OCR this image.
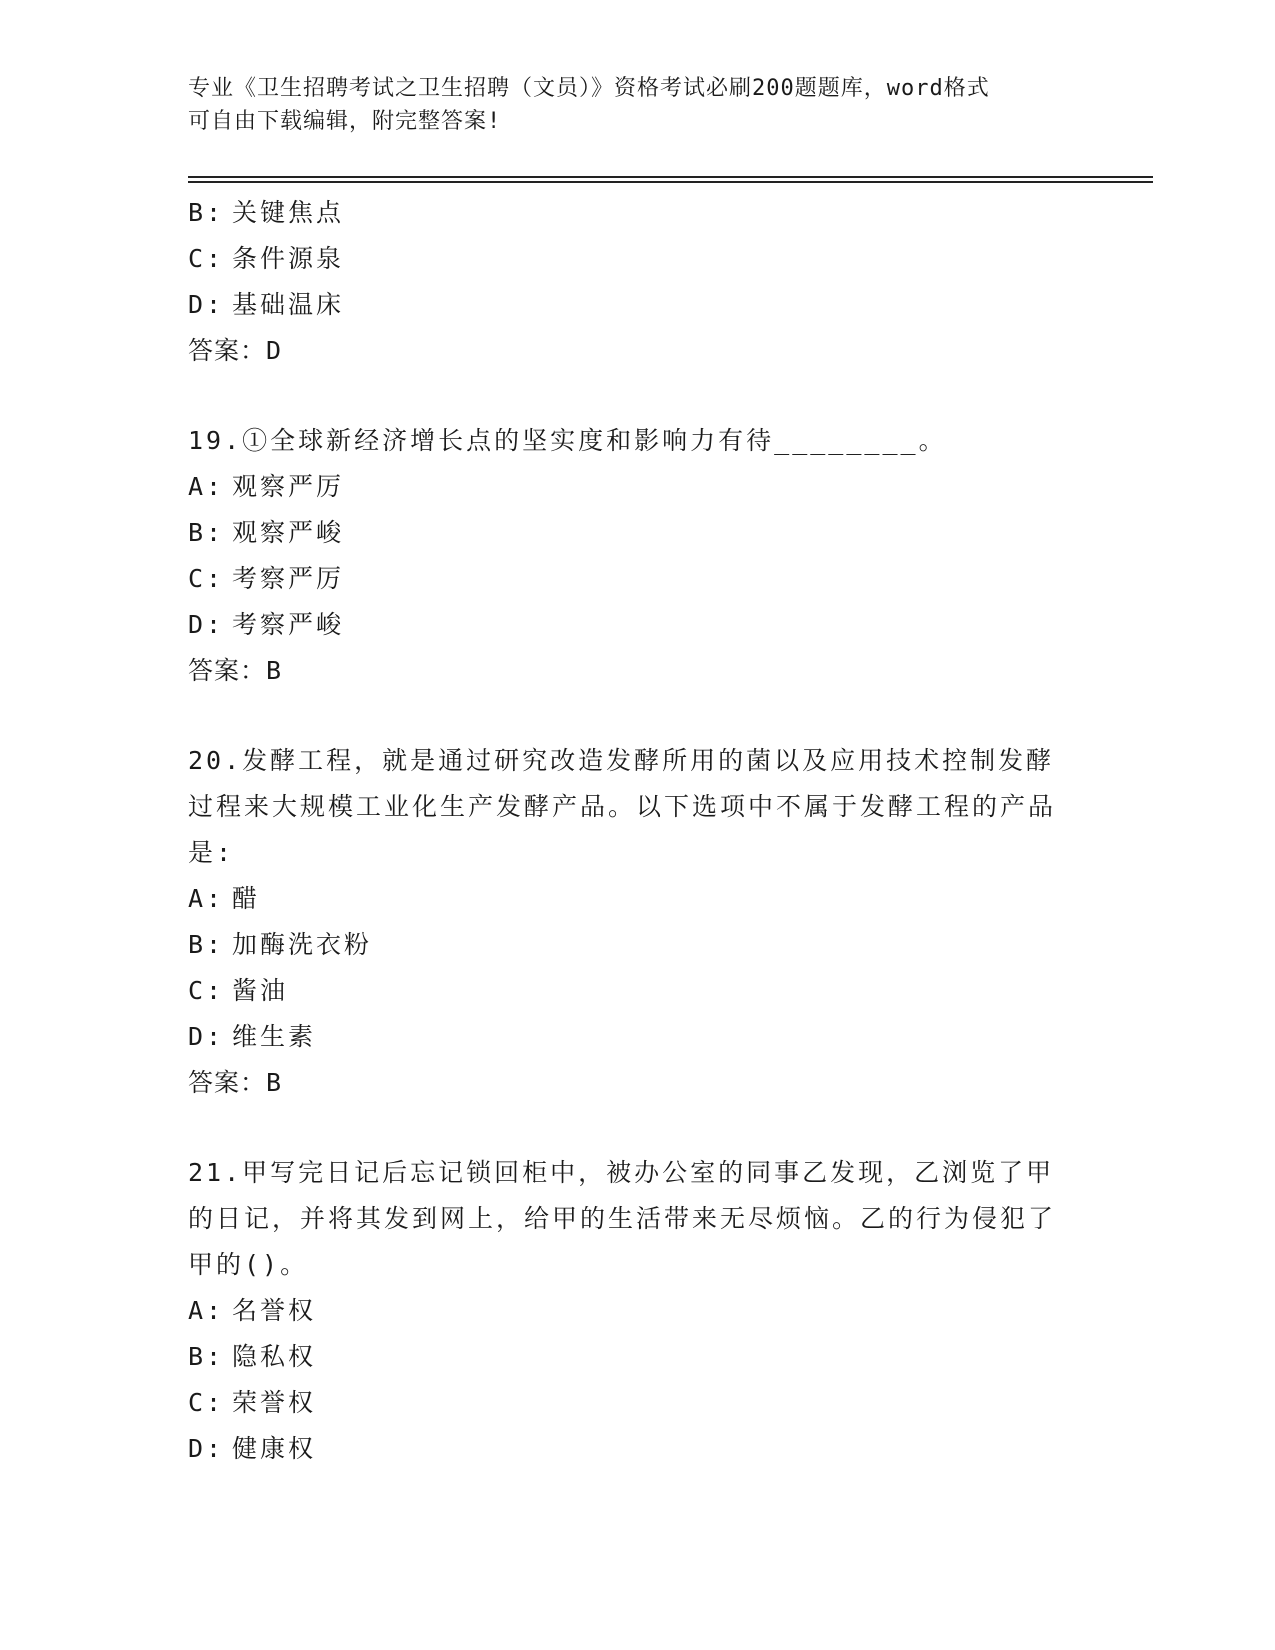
专业《卫生招聘考试之卫生招聘（文员）》资格考试必刷200题题库，word格式
可自由下载编辑，附完整答案!
B: 关键焦点
C: 条件源泉
D: 基础温床
答案：D
19.①全球新经济增长点的坚实度和影响力有待________。
A: 观察严厉
B: 观察严峻
C: 考察严厉
D: 考察严峻
答案：B
20.发酵工程，就是通过研究改造发酵所用的菌以及应用技术控制发酵过程来大规模工业化生产发酵产品。以下选项中不属于发酵工程的产品是:
A: 醋
B: 加酶洗衣粉
C: 酱油
D: 维生素
答案：B
21.甲写完日记后忘记锁回柜中，被办公室的同事乙发现，乙浏览了甲的日记，并将其发到网上，给甲的生活带来无尽烦恼。乙的行为侵犯了甲的()。
A: 名誉权
B: 隐私权
C: 荣誉权
D: 健康权
